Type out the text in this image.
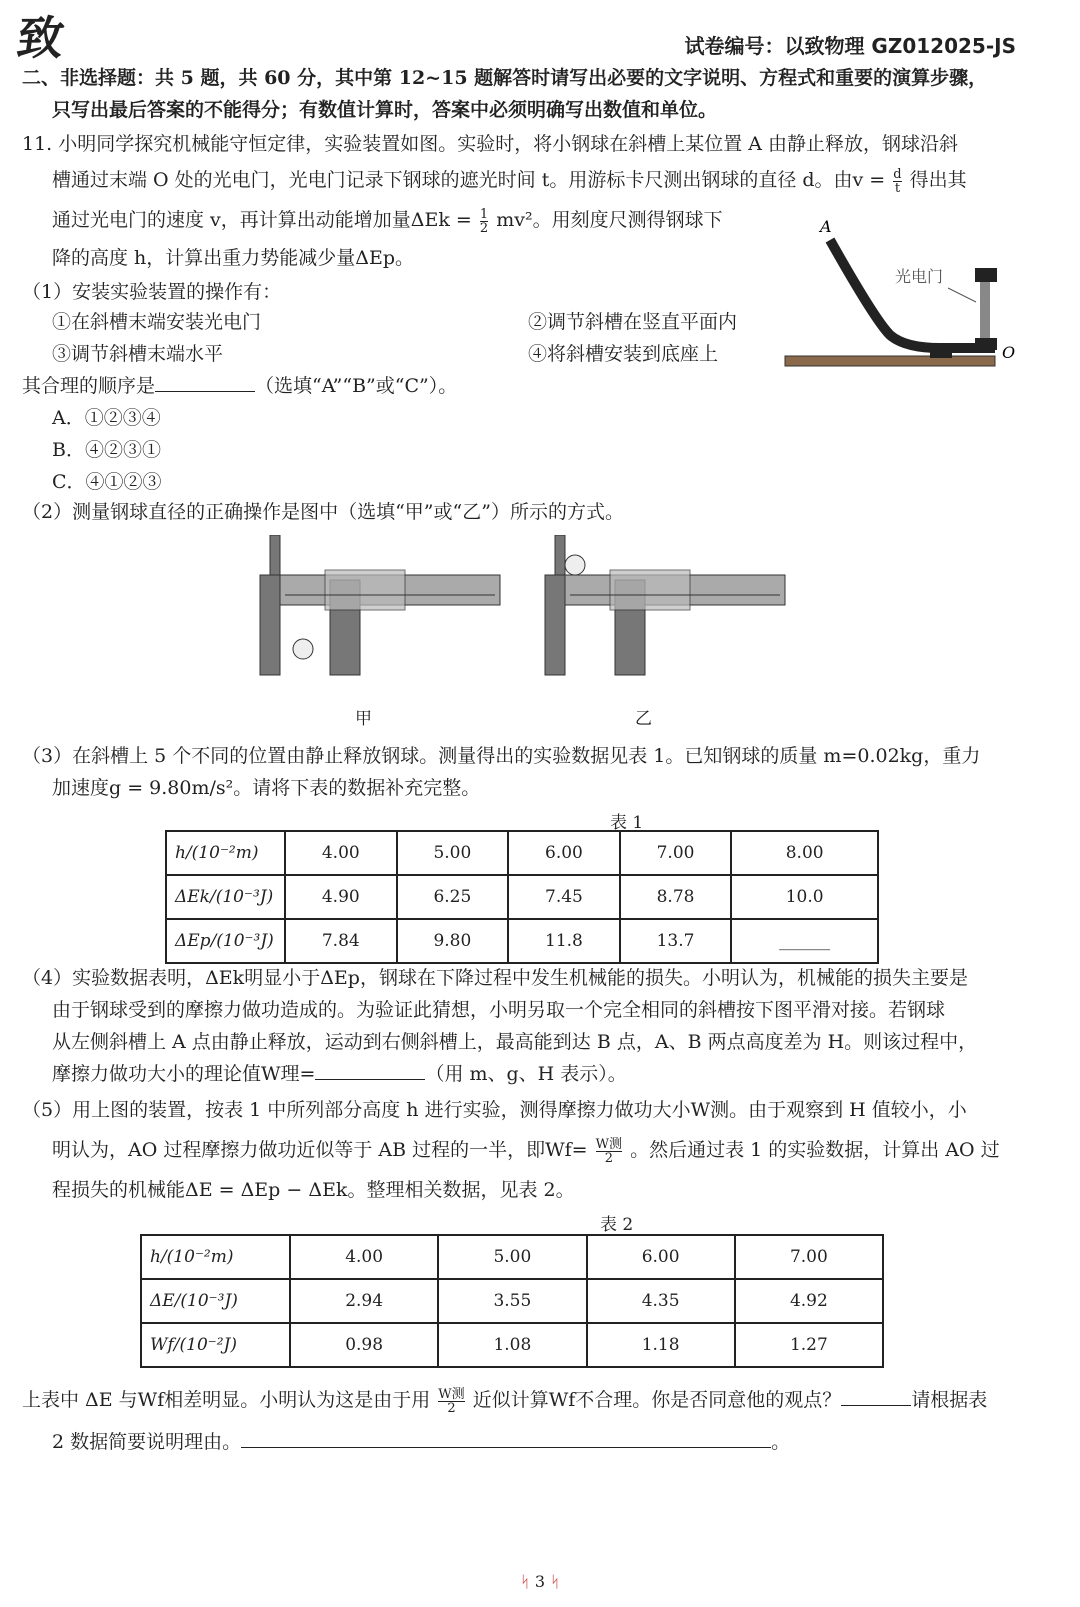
致	试卷编号：以致物理 GZ012025-JS
二、非选择题：共 5 题，共 60 分，其中第 12~15 题解答时请写出必要的文字说明、方程式和重要的演算步骤，
只写出最后答案的不能得分；有数值计算时，答案中必须明确写出数值和单位。
11. 小明同学探究机械能守恒定律，实验装置如图。实验时，将小钢球在斜槽上某位置 A 由静止释放，钢球沿斜
槽通过末端 O 处的光电门，光电门记录下钢球的遮光时间 t。用游标卡尺测出钢球的直径 d。由$v = \frac{d}{t}$ 得出其
通过光电门的速度 v，再计算出动能增加量$\Delta Ek = \frac{1}{2} mv^2$。用刻度尺测得钢球下
降的高度 h，计算出重力势能减少量ΔEp。
A
光电门
O
（1）安装实验装置的操作有：
①在斜槽末端安装光电门	②调节斜槽在竖直平面内
③调节斜槽末端水平	④将斜槽安装到底座上
其合理的顺序是	（选填“A”“B”或“C”）。
A．①②③④
B．④②③①
C．④①②③
（2）测量钢球直径的正确操作是图中（选填“甲”或“乙”）所示的方式。
甲	乙
（3）在斜槽上 5 个不同的位置由静止释放钢球。测量得出的实验数据见表 1。已知钢球的质量 m=0.02kg，重力
加速度g = 9.80m/s²。请将下表的数据补充完整。
表 1
h/(10⁻²m)	4.00	5.00	6.00	7.00	8.00
ΔEk/(10⁻³J)	4.90	6.25	7.45	8.78	10.0
ΔEp/(10⁻³J)	7.84	9.80	11.8	13.7	______
（4）实验数据表明，ΔEk明显小于ΔEp，钢球在下降过程中发生机械能的损失。小明认为，机械能的损失主要是
由于钢球受到的摩擦力做功造成的。为验证此猜想，小明另取一个完全相同的斜槽按下图平滑对接。若钢球
从左侧斜槽上 A 点由静止释放，运动到右侧斜槽上，最高能到达 B 点，A、B 两点高度差为 H。则该过程中，
摩擦力做功大小的理论值W理=	（用 m、g、H 表示）。
（5）用上图的装置，按表 1 中所列部分高度 h 进行实验，测得摩擦力做功大小W测。由于观察到 H 值较小，小
明认为，AO 过程摩擦力做功近似等于 AB 过程的一半，即$Wf= \frac{\text{W测}}{2}$ 。然后通过表 1 的实验数据，计算出 AO 过
程损失的机械能ΔE = ΔEp − ΔEk。整理相关数据，见表 2。
表 2
h/(10⁻²m)	4.00	5.00	6.00	7.00
ΔE/(10⁻³J)	2.94	3.55	4.35	4.92
Wf/(10⁻²J)	0.98	1.08	1.18	1.27
上表中 ΔE 与Wf相差明显。小明认为这是由于用 $\frac{\text{W测}}{2}$ 近似计算Wf不合理。你是否同意他的观点？	请根据表
2 数据简要说明理由。	。
ᛋ 3 ᛋ
